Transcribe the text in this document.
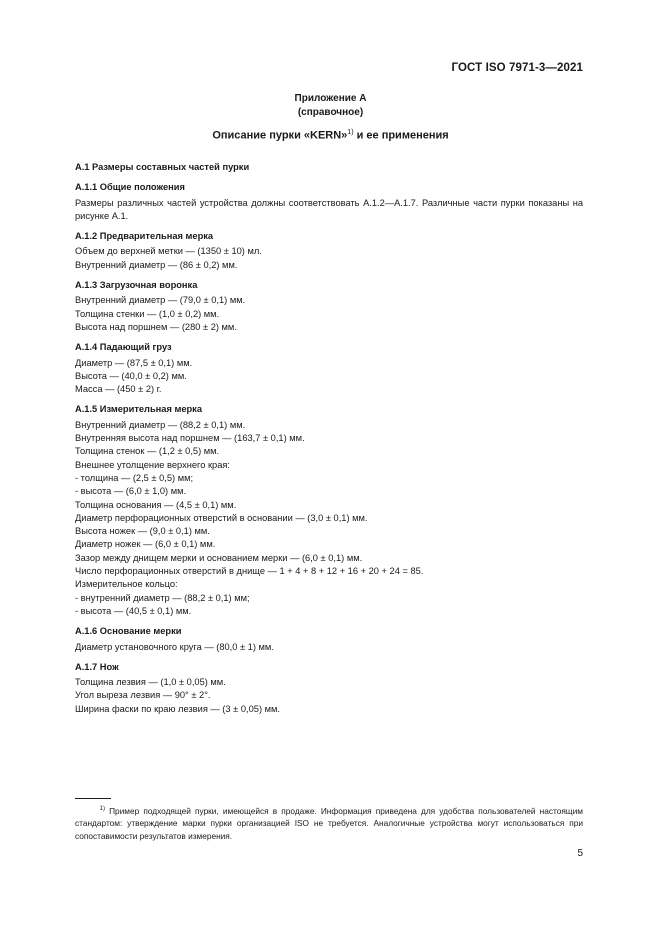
ГОСТ ISO 7971-3—2021
Приложение А
(справочное)
Описание пурки «KERN»$^{1)}$ и ее применения
А.1 Размеры составных частей пурки
А.1.1 Общие положения
Размеры различных частей устройства должны соответствовать А.1.2—А.1.7. Различные части пурки показаны на рисунке А.1.
А.1.2 Предварительная мерка
Объем до верхней метки — (1350 ± 10) мл.
Внутренний диаметр — (86 ± 0,2) мм.
А.1.3 Загрузочная воронка
Внутренний диаметр — (79,0 ± 0,1) мм.
Толщина стенки — (1,0 ± 0,2) мм.
Высота над поршнем — (280 ± 2) мм.
А.1.4 Падающий груз
Диаметр — (87,5 ± 0,1) мм.
Высота — (40,0 ± 0,2) мм.
Масса — (450 ± 2) г.
А.1.5 Измерительная мерка
Внутренний диаметр — (88,2 ± 0,1) мм.
Внутренняя высота над поршнем — (163,7 ± 0,1) мм.
Толщина стенок — (1,2 ± 0,5) мм.
Внешнее утолщение верхнего края:
- толщина — (2,5 ± 0,5) мм;
- высота — (6,0 ± 1,0) мм.
Толщина основания — (4,5 ± 0,1) мм.
Диаметр перфорационных отверстий в основании — (3,0 ± 0,1) мм.
Высота ножек — (9,0 ± 0,1) мм.
Диаметр ножек — (6,0 ± 0,1) мм.
Зазор между днищем мерки и основанием мерки — (6,0 ± 0,1) мм.
Число перфорационных отверстий в днище — 1 + 4 + 8 + 12 + 16 + 20 + 24 = 85.
Измерительное кольцо:
- внутренний диаметр — (88,2 ± 0,1) мм;
- высота — (40,5 ± 0,1) мм.
А.1.6 Основание мерки
Диаметр установочного круга — (80,0 ± 1) мм.
А.1.7 Нож
Толщина лезвия — (1,0 ± 0,05) мм.
Угол выреза лезвия — 90° ± 2°.
Ширина фаски по краю лезвия — (3 ± 0,05) мм.
$^{1)}$ Пример подходящей пурки, имеющейся в продаже. Информация приведена для удобства пользователей настоящим стандартом: утверждение марки пурки организацией ISO не требуется. Аналогичные устройства могут использоваться при сопоставимости результатов измерения.
5
